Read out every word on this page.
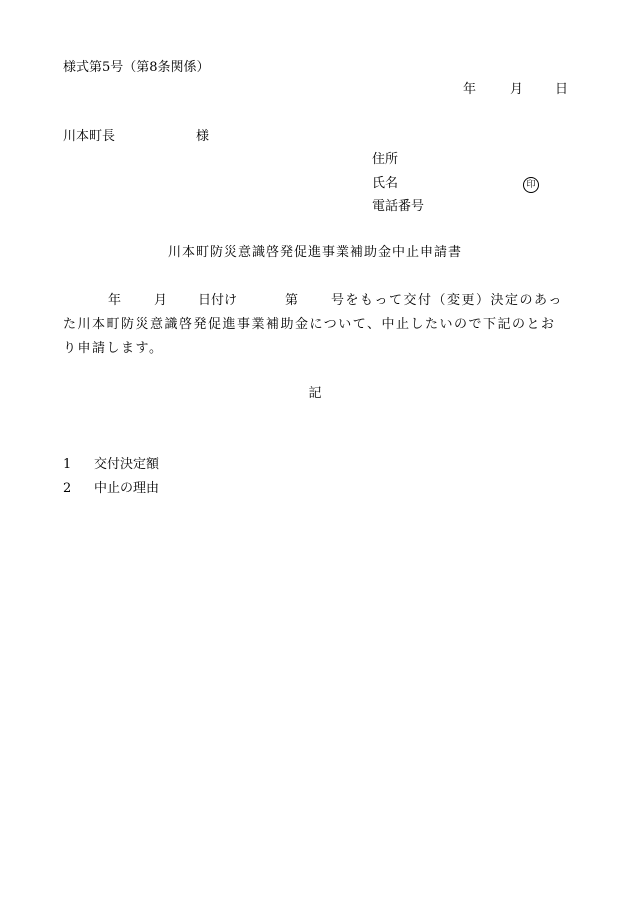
様式第5号（第8条関係）
年	月 日
川本町長	様
住所
氏名	印
電話番号
川本町防災意識啓発促進事業補助金中止申請書
年	月 日付け	第	号をもって交付（変更）決定のあっ
た川本町防災意識啓発促進事業補助金について、中止したいので下記のとお
り申請します。
記
1 交付決定額
2 中止の理由
